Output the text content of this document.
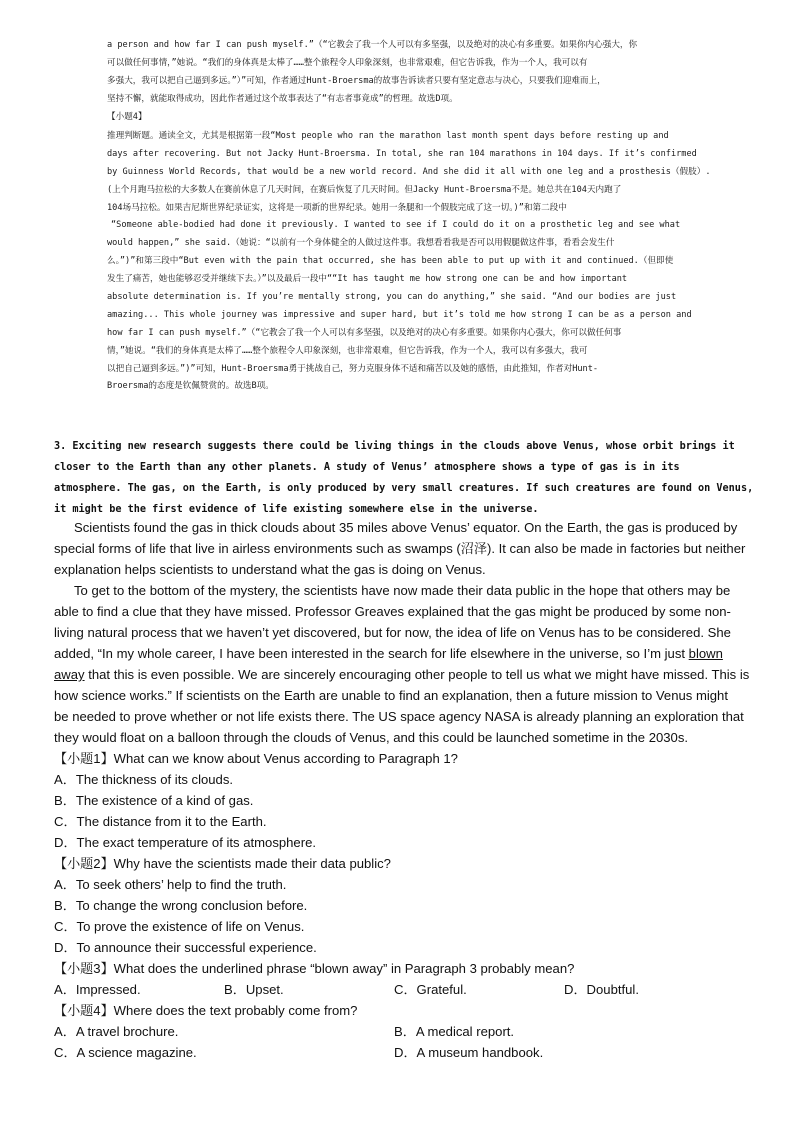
a person and how far I can push myself.”（“它教会了我一个人可以有多坚强，以及绝对的决心有多重要。如果你内心强大，你
可以做任何事情，”她说。“我们的身体真是太棒了……整个旅程令人印象深刻，也非常艰难，但它告诉我，作为一个人，我可以有
多强大，我可以把自己逼到多远。”）”可知，作者通过Hunt-Broersma的故事告诉读者只要有坚定意志与决心，只要我们迎难而上，
坚持不懈，就能取得成功，因此作者通过这个故事表达了“有志者事竟成”的哲理。故选D项。
【小题4】
推理判断题。通读全文，尤其是根据第一段“Most people who ran the marathon last month spent days before resting up and
days after recovering. But not Jacky Hunt-Broersma. In total, she ran 104 marathons in 104 days. If it’s confirmed
by Guinness World Records, that would be a new world record. And she did it all with one leg and a prosthesis（假肢）.
(上个月跑马拉松的大多数人在赛前休息了几天时间，在赛后恢复了几天时间。但Jacky Hunt-Broersma不是。她总共在104天内跑了
104场马拉松。如果吉尼斯世界纪录证实，这将是一项新的世界纪录。她用一条腿和一个假肢完成了这一切。)”和第二段中
“Someone able-bodied had done it previously. I wanted to see if I could do it on a prosthetic leg and see what
would happen,” she said.（她说：“以前有一个身体健全的人做过这件事。我想看看我是否可以用假腿做这件事，看看会发生什
么。”)”和第三段中“But even with the pain that occurred, she has been able to put up with it and continued.（但即使
发生了痛苦，她也能够忍受并继续下去。）”以及最后一段中““It has taught me how strong one can be and how important
absolute determination is. If you’re mentally strong, you can do anything,” she said. “And our bodies are just
amazing... This whole journey was impressive and super hard, but it’s told me how strong I can be as a person and
how far I can push myself.”（“它教会了我一个人可以有多坚强，以及绝对的决心有多重要。如果你内心强大，你可以做任何事
情，”她说。“我们的身体真是太棒了……整个旅程令人印象深刻，也非常艰难，但它告诉我，作为一个人，我可以有多强大，我可
以把自己逼到多远。”)”可知，Hunt-Broersma勇于挑战自己，努力克服身体不适和痛苦以及她的感悟，由此推知，作者对Hunt-
Broersma的态度是钦佩赞赏的。故选B项。
3. Exciting new research suggests there could be living things in the clouds above Venus, whose orbit brings it
closer to the Earth than any other planets. A study of Venus’ atmosphere shows a type of gas is in its
atmosphere. The gas, on the Earth, is only produced by very small creatures. If such creatures are found on Venus,
it might be the first evidence of life existing somewhere else in the universe.
Scientists found the gas in thick clouds about 35 miles above Venus’ equator. On the Earth, the gas is produced by
special forms of life that live in airless environments such as swamps (沼泽). It can also be made in factories but neither
explanation helps scientists to understand what the gas is doing on Venus.
To get to the bottom of the mystery, the scientists have now made their data public in the hope that others may be
able to find a clue that they have missed. Professor Greaves explained that the gas might be produced by some non-
living natural process that we haven’t yet discovered, but for now, the idea of life on Venus has to be considered. She
added, “In my whole career, I have been interested in the search for life elsewhere in the universe, so I’m just blown
away that this is even possible. We are sincerely encouraging other people to tell us what we might have missed. This is
how science works.” If scientists on the Earth are unable to find an explanation, then a future mission to Venus might
be needed to prove whether or not life exists there. The US space agency NASA is already planning an exploration that
they would float on a balloon through the clouds of Venus, and this could be launched sometime in the 2030s.
【小题1】What can we know about Venus according to Paragraph 1?
A．The thickness of its clouds.
B．The existence of a kind of gas.
C．The distance from it to the Earth.
D．The exact temperature of its atmosphere.
【小题2】Why have the scientists made their data public?
A．To seek others’ help to find the truth.
B．To change the wrong conclusion before.
C．To prove the existence of life on Venus.
D．To announce their successful experience.
【小题3】What does the underlined phrase “blown away” in Paragraph 3 probably mean?
A．Impressed.	B．Upset.	C．Grateful.	D．Doubtful.
【小题4】Where does the text probably come from?
A．A travel brochure.	B．A medical report.
C．A science magazine.	D．A museum handbook.
